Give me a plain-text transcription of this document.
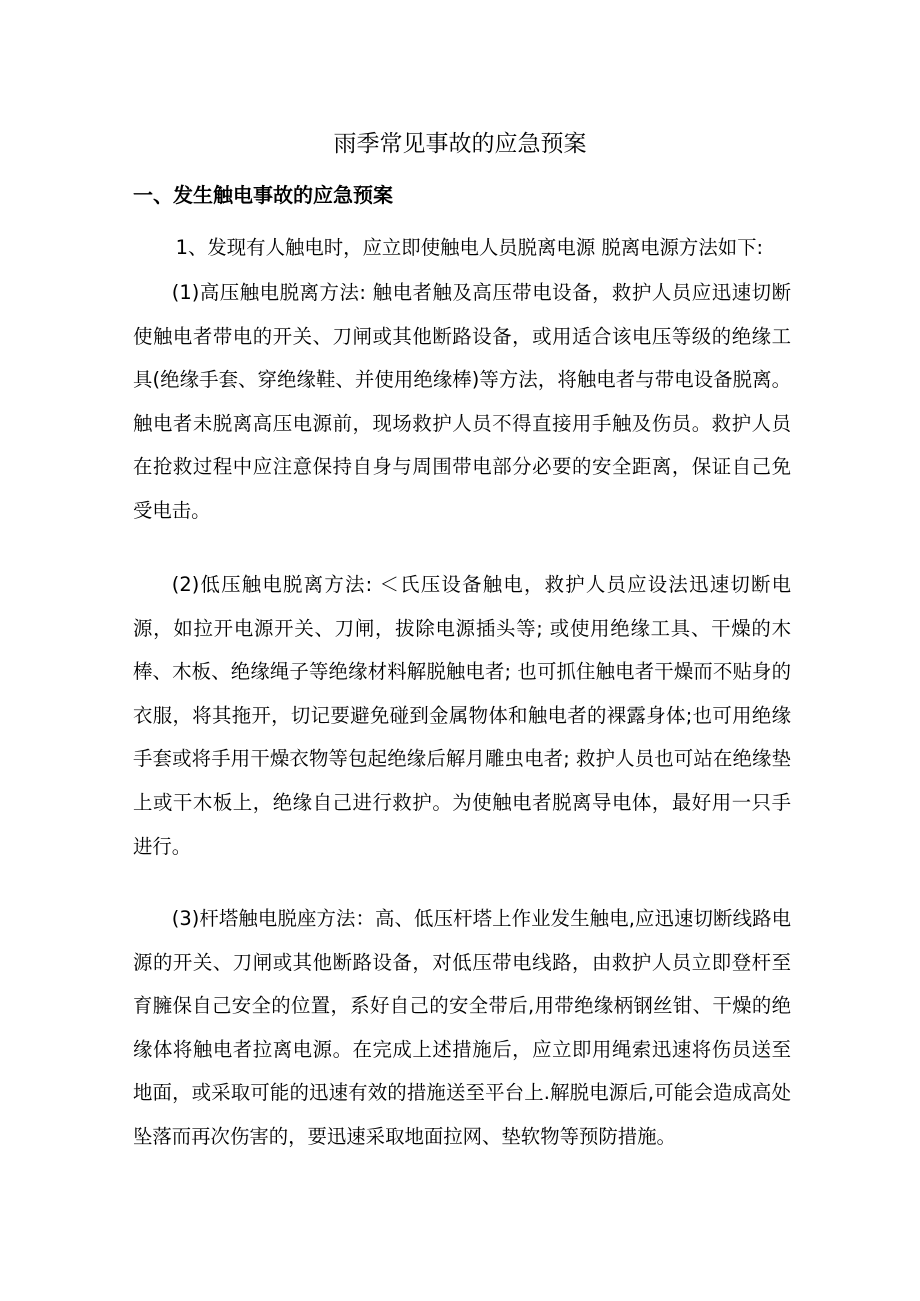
雨季常见事故的应急预案
一、发生触电事故的应急预案

1、发现有人触电时，应立即使触电人员脱离电源 脱离电源方法如下:

(1)高压触电脱离方法: 触电者触及高压带电设备，救护人员应迅速切断使触电者带电的开关、刀闸或其他断路设备，或用适合该电压等级的绝缘工具(绝缘手套、穿绝缘鞋、并使用绝缘棒)等方法，将触电者与带电设备脱离。触电者未脱离高压电源前，现场救护人员不得直接用手触及伤员。救护人员在抢救过程中应注意保持自身与周围带电部分必要的安全距离，保证自己免受电击。

(2)低压触电脱离方法: ＜氏压设备触电，救护人员应设法迅速切断电源，如拉开电源开关、刀闸，拔除电源插头等; 或使用绝缘工具、干燥的木棒、木板、绝缘绳子等绝缘材料解脱触电者; 也可抓住触电者干燥而不贴身的衣服，将其拖开，切记要避免碰到金属物体和触电者的裸露身体;也可用绝缘手套或将手用干燥衣物等包起绝缘后解月雕虫电者; 救护人员也可站在绝缘垫上或干木板上，绝缘自己进行救护。为使触电者脱离导电体，最好用一只手进行。

(3)杆塔触电脱座方法：高、低压杆塔上作业发生触电,应迅速切断线路电源的开关、刀闸或其他断路设备，对低压带电线路，由救护人员立即登杆至育臃保自己安全的位置，系好自己的安全带后,用带绝缘柄钢丝钳、干燥的绝缘体将触电者拉离电源。在完成上述措施后，应立即用绳索迅速将伤员送至地面，或采取可能的迅速有效的措施送至平台上.解脱电源后,可能会造成高处坠落而再次伤害的，要迅速采取地面拉网、垫软物等预防措施。
